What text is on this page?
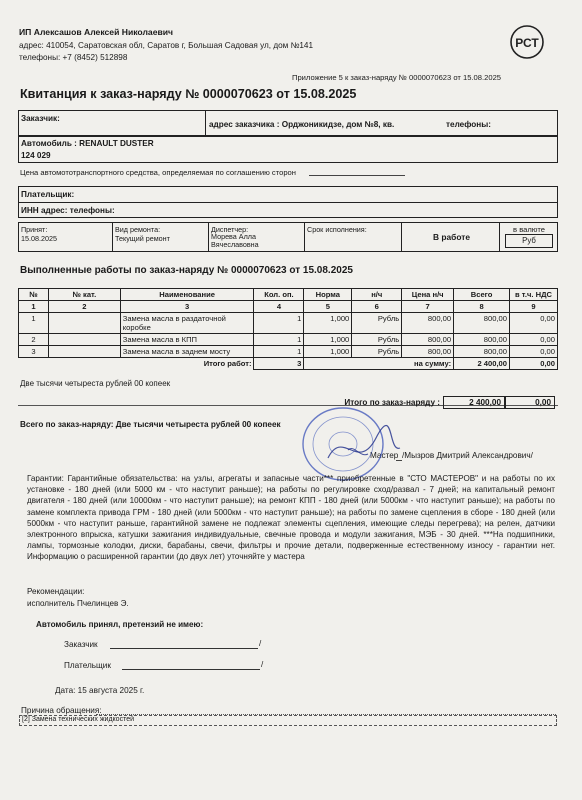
ИП Алексашов Алексей Николаевич
адрес: 410054, Саратовская обл, Саратов г, Большая Садовая ул, дом №141
телефоны: +7 (8452) 512898
РСТ
Приложение 5 к заказ-наряду № 0000070623 от 15.08.2025
Квитанция к заказ-наряду № 0000070623 от 15.08.2025
Заказчик:
адрес заказчика : Орджоникидзе, дом №8, кв.	телефоны:
Автомобиль : RENAULT DUSTER
124 029
Цена автомототранспортного средства, определяемая по соглашению сторон
Плательщик:
ИНН адрес: телефоны:
Принят:
15.08.2025
Вид ремонта:
Текущий ремонт
Диспетчер:
Морева Алла Вячеславовна
Срок исполнения:
В работе
в валюте
Руб
Выполненные работы по заказ-наряду № 0000070623 от 15.08.2025
№	№ кат.	Наименование	Кол. оп.	Норма	н/ч	Цена н/ч	Всего	в т.ч. НДС
1	2	3	4	5	6	7	8	9
1		Замена масла в раздаточной коробке	1	1,000	Рубль	800,00	800,00	0,00
2		Замена масла в КПП	1	1,000	Рубль	800,00	800,00	0,00
3		Замена масла в заднем мосту	1	1,000	Рубль	800,00	800,00	0,00
Итого работ:			3	на сумму:			2 400,00	0,00
Две тысячи четыреста рублей 00 копеек
Итого по заказ-наряду :	2 400,00	0,00
Всего по заказ-наряду: Две тысячи четыреста рублей 00 копеек
Мастер /Мызров Дмитрий Александрович/
Гарантии: Гарантийные обязательства: на узлы, агрегаты и запасные части*** приобретенные в "СТО МАСТЕРОВ" и на работы по их установке - 180 дней (или 5000 км - что наступит раньше); на работы по регулировке сход/развал - 7 дней; на капитальный ремонт двигателя - 180 дней (или 10000км - что наступит раньше); на ремонт КПП - 180 дней (или 5000км - что наступит раньше); на работы по замене комплекта привода ГРМ - 180 дней (или 5000км - что наступит раньше); на работы по замене сцепления в сборе - 180 дней (или 5000км - что наступит раньше, гарантийной замене не подлежат элементы сцепления, имеющие следы перегрева); на релен, датчики электронного впрыска, катушки зажигания индивидуальные, свечные провода и модули зажигания, МЭБ - 30 дней. ***На подшипники, лампы, тормозные колодки, диски, барабаны, свечи, фильтры и прочие детали, подверженные естественному износу - гарантии нет. Информацию о расширенной гарантии (до двух лет) уточняйте у мастера
Рекомендации:
исполнитель Пчелинцев Э.
Автомобиль принял, претензий не имею:
Заказчик	/
Плательщик	/
Дата: 15 августа 2025 г.
Причина обращения:
[2] Замена технических жидкостей
